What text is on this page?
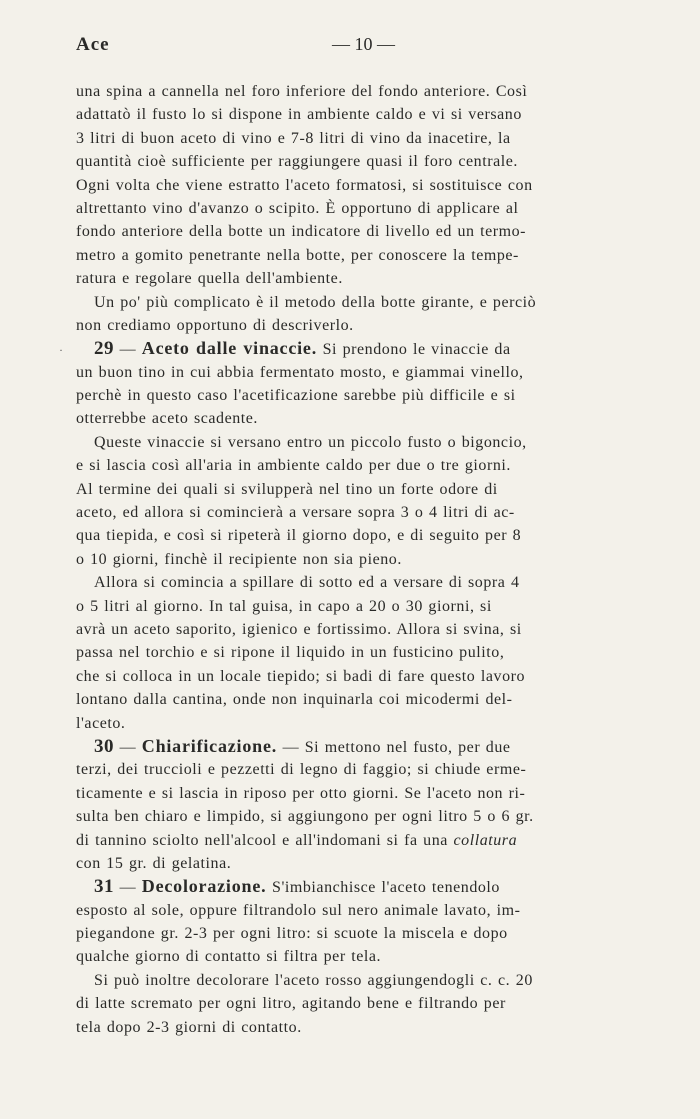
Ace	— 10 —
˙
una spina a cannella nel foro inferiore del fondo anteriore. Così
adattatò il fusto lo si dispone in ambiente caldo e vi si versano
3 litri di buon aceto di vino e 7-8 litri di vino da inacetire, la
quantità cioè sufficiente per raggiungere quasi il foro centrale.
Ogni volta che viene estratto l'aceto formatosi, si sostituisce con
altrettanto vino d'avanzo o scipito. È opportuno di applicare al
fondo anteriore della botte un indicatore di livello ed un termo-
metro a gomito penetrante nella botte, per conoscere la tempe-
ratura e regolare quella dell'ambiente.
Un po' più complicato è il metodo della botte girante, e perciò
non crediamo opportuno di descriverlo.
29 — Aceto dalle vinaccie. Si prendono le vinaccie da
un buon tino in cui abbia fermentato mosto, e giammai vinello,
perchè in questo caso l'acetificazione sarebbe più difficile e si
otterrebbe aceto scadente.
Queste vinaccie si versano entro un piccolo fusto o bigoncio,
e si lascia così all'aria in ambiente caldo per due o tre giorni.
Al termine dei quali si svilupperà nel tino un forte odore di
aceto, ed allora si comincierà a versare sopra 3 o 4 litri di ac-
qua tiepida, e così si ripeterà il giorno dopo, e di seguito per 8
o 10 giorni, finchè il recipiente non sia pieno.
Allora si comincia a spillare di sotto ed a versare di sopra 4
o 5 litri al giorno. In tal guisa, in capo a 20 o 30 giorni, si
avrà un aceto saporito, igienico e fortissimo. Allora si svina, si
passa nel torchio e si ripone il liquido in un fusticino pulito,
che si colloca in un locale tiepido; si badi di fare questo lavoro
lontano dalla cantina, onde non inquinarla coi micodermi del-
l'aceto.
30 — Chiarificazione. — Si mettono nel fusto, per due
terzi, dei truccioli e pezzetti di legno di faggio; si chiude erme-
ticamente e si lascia in riposo per otto giorni. Se l'aceto non ri-
sulta ben chiaro e limpido, si aggiungono per ogni litro 5 o 6 gr.
di tannino sciolto nell'alcool e all'indomani si fa una collatura
con 15 gr. di gelatina.
31 — Decolorazione. S'imbianchisce l'aceto tenendolo
esposto al sole, oppure filtrandolo sul nero animale lavato, im-
piegandone gr. 2-3 per ogni litro: si scuote la miscela e dopo
qualche giorno di contatto si filtra per tela.
Si può inoltre decolorare l'aceto rosso aggiungendogli c. c. 20
di latte scremato per ogni litro, agitando bene e filtrando per
tela dopo 2-3 giorni di contatto.
